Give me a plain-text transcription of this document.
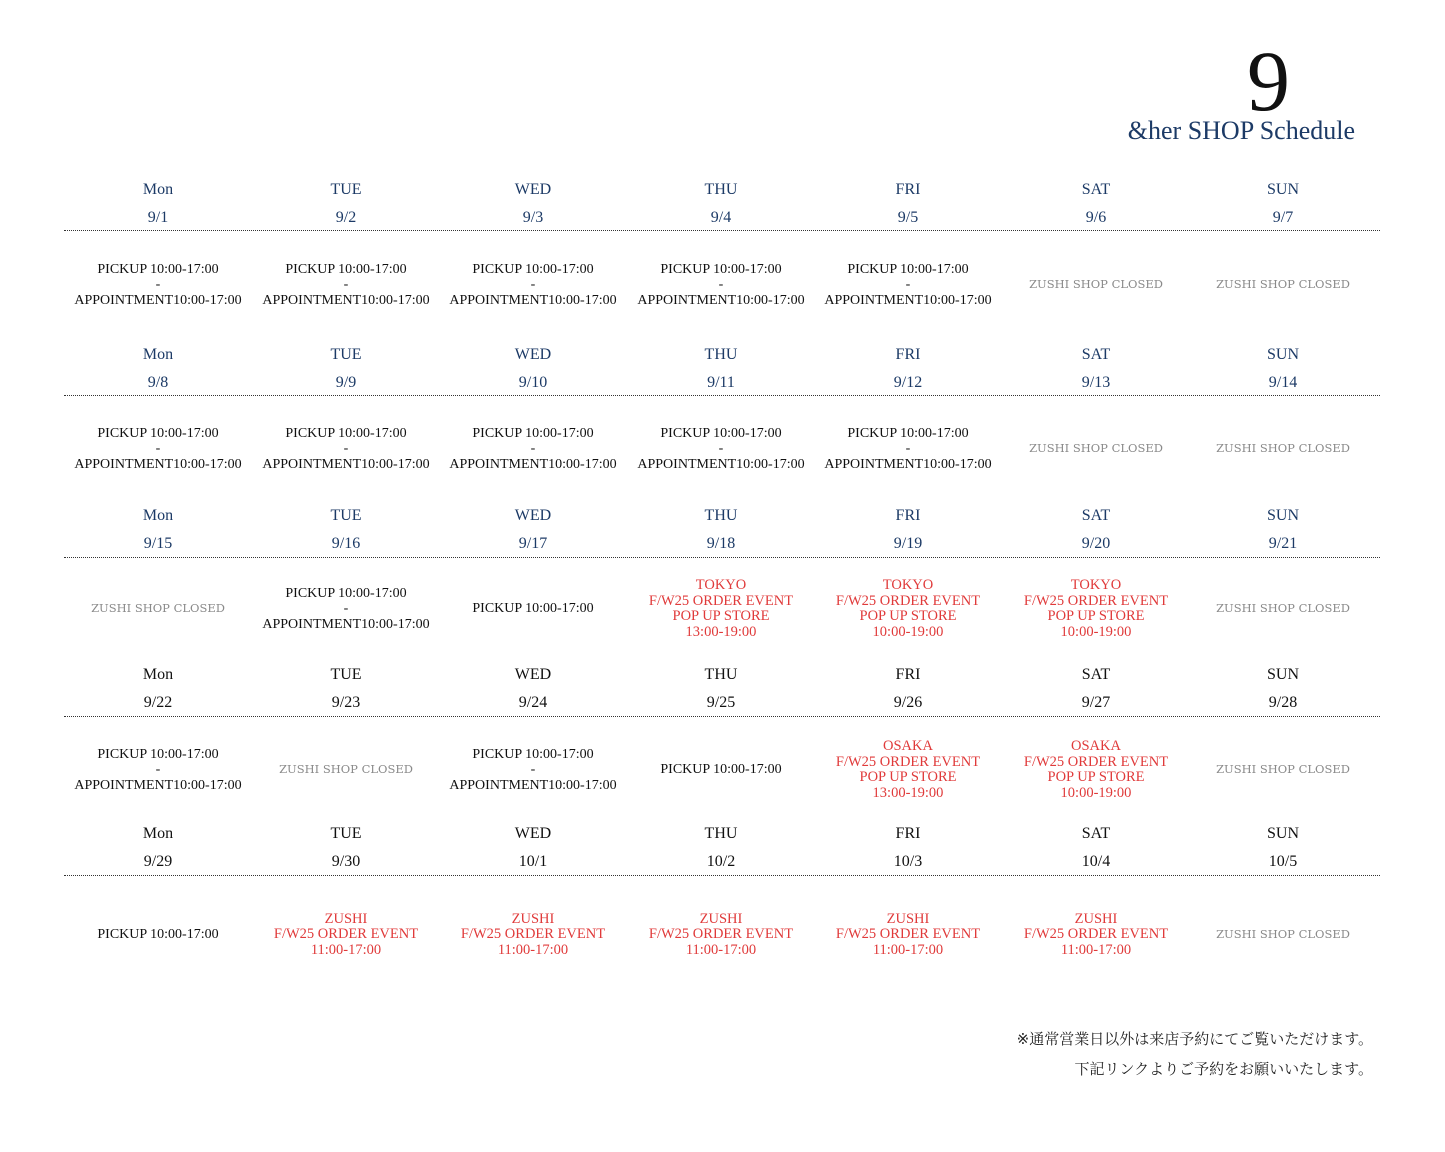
9
&her SHOP Schedule
Mon
9/1
TUE
9/2
WED
9/3
THU
9/4
FRI
9/5
SAT
9/6
SUN
9/7
PICKUP 10:00-17:00
-
APPOINTMENT10:00-17:00
PICKUP 10:00-17:00
-
APPOINTMENT10:00-17:00
PICKUP 10:00-17:00
-
APPOINTMENT10:00-17:00
PICKUP 10:00-17:00
-
APPOINTMENT10:00-17:00
PICKUP 10:00-17:00
-
APPOINTMENT10:00-17:00
ZUSHI SHOP CLOSED	ZUSHI SHOP CLOSED
Mon
9/8
TUE
9/9
WED
9/10
THU
9/11
FRI
9/12
SAT
9/13
SUN
9/14
PICKUP 10:00-17:00
-
APPOINTMENT10:00-17:00
PICKUP 10:00-17:00
-
APPOINTMENT10:00-17:00
PICKUP 10:00-17:00
-
APPOINTMENT10:00-17:00
PICKUP 10:00-17:00
-
APPOINTMENT10:00-17:00
PICKUP 10:00-17:00
-
APPOINTMENT10:00-17:00
ZUSHI SHOP CLOSED	ZUSHI SHOP CLOSED
Mon
9/15
TUE
9/16
WED
9/17
THU
9/18
FRI
9/19
SAT
9/20
SUN
9/21
ZUSHI SHOP CLOSED
PICKUP 10:00-17:00
-
APPOINTMENT10:00-17:00
PICKUP 10:00-17:00
TOKYO
F/W25 ORDER EVENT
POP UP STORE
13:00-19:00
TOKYO
F/W25 ORDER EVENT
POP UP STORE
10:00-19:00
TOKYO
F/W25 ORDER EVENT
POP UP STORE
10:00-19:00
ZUSHI SHOP CLOSED
Mon
9/22
TUE
9/23
WED
9/24
THU
9/25
FRI
9/26
SAT
9/27
SUN
9/28
PICKUP 10:00-17:00
-
APPOINTMENT10:00-17:00
ZUSHI SHOP CLOSED
PICKUP 10:00-17:00
-
APPOINTMENT10:00-17:00
PICKUP 10:00-17:00
OSAKA
F/W25 ORDER EVENT
POP UP STORE
13:00-19:00
OSAKA
F/W25 ORDER EVENT
POP UP STORE
10:00-19:00
ZUSHI SHOP CLOSED
Mon
9/29
TUE
9/30
WED
10/1
THU
10/2
FRI
10/3
SAT
10/4
SUN
10/5
PICKUP 10:00-17:00
ZUSHI
F/W25 ORDER EVENT
11:00-17:00
ZUSHI
F/W25 ORDER EVENT
11:00-17:00
ZUSHI
F/W25 ORDER EVENT
11:00-17:00
ZUSHI
F/W25 ORDER EVENT
11:00-17:00
ZUSHI
F/W25 ORDER EVENT
11:00-17:00
ZUSHI SHOP CLOSED
※通常営業日以外は来店予約にてご覧いただけます。
下記リンクよりご予約をお願いいたします。
